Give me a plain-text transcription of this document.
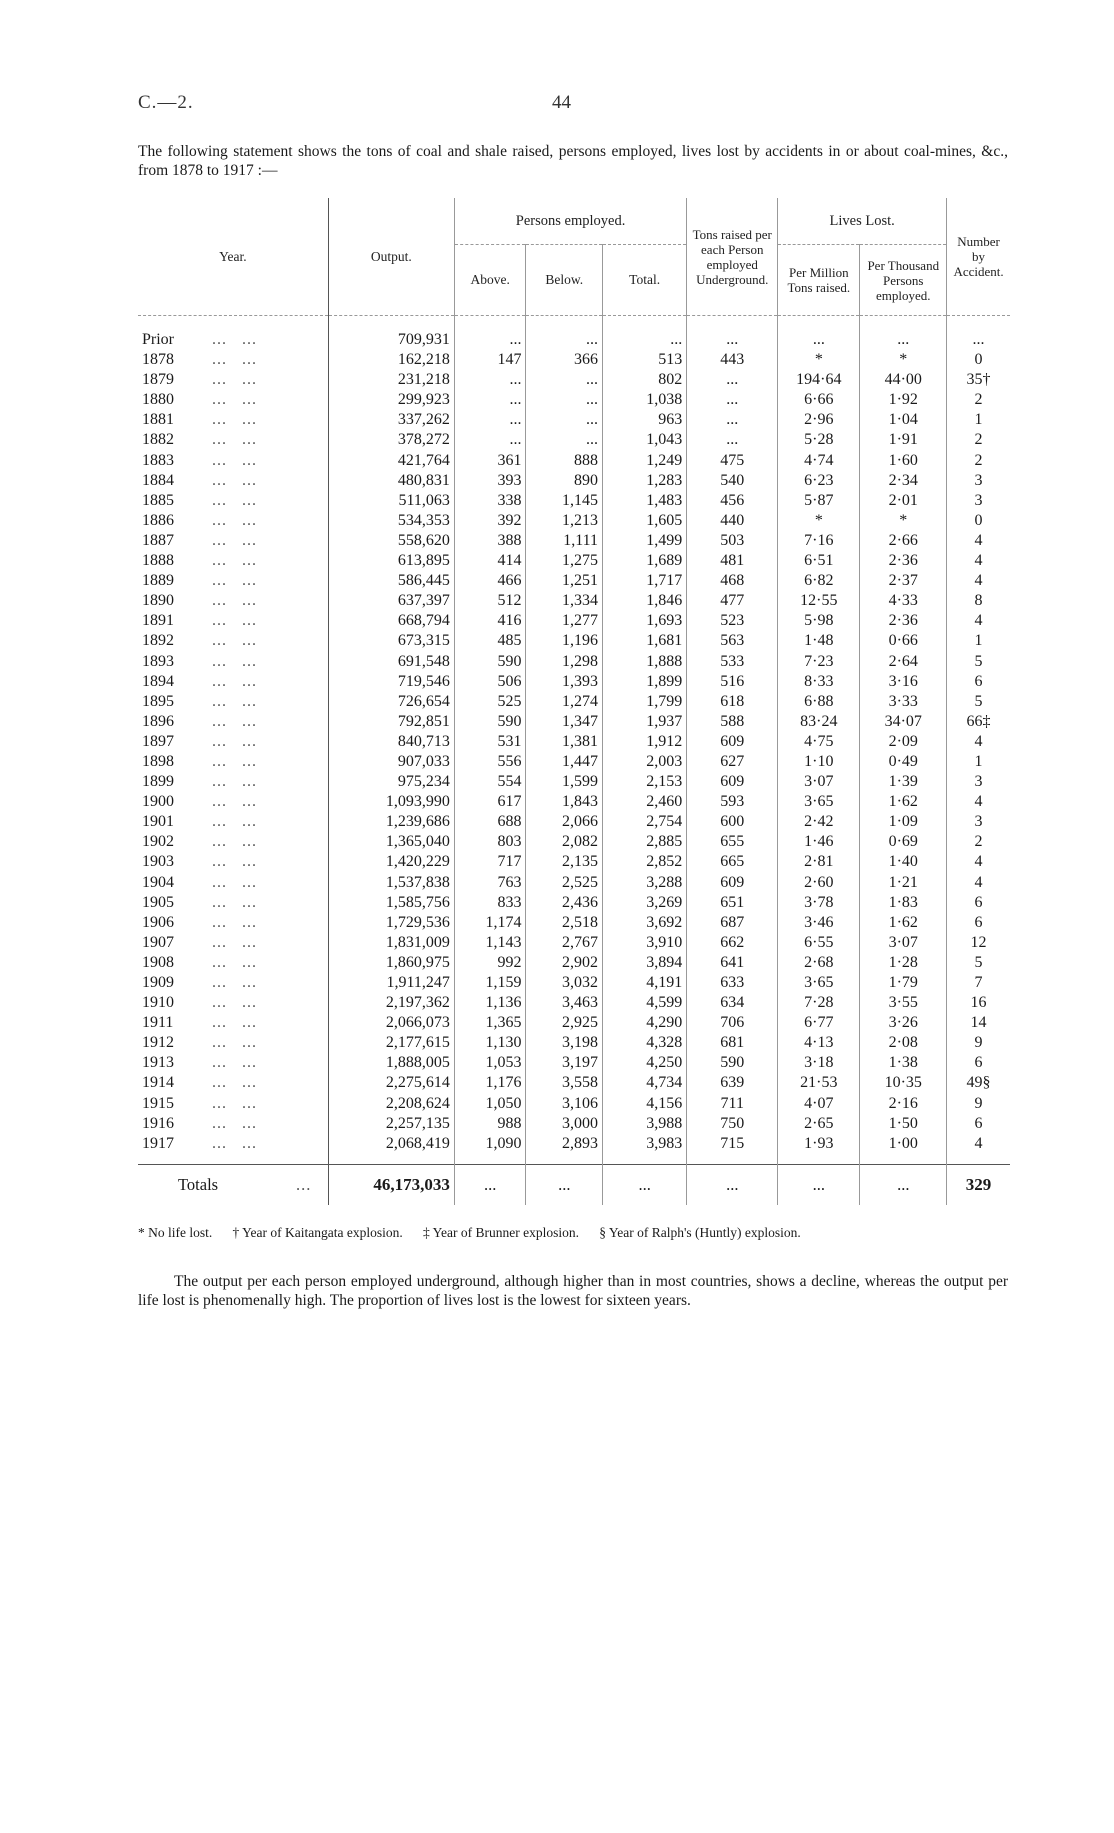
C.—2.	44
The following statement shows the tons of coal and shale raised, persons employed, lives lost by accidents in or about coal-mines, &c., from 1878 to 1917 :—
Year.	Output.	Persons employed.			Tons raised per each Person employed Underground.	Lives Lost.		Number by Accident.
		Above.	Below.	Total.		Per Million Tons raised.	Per Thousand Persons employed.	

Prior ...   ...	709,931	...	...	...	...	...	...	...
1878 ...   ...	162,218	147	366	513	443	*	*	0
1879 ...   ...	231,218	...	...	802	...	194·64	44·00	35†
1880 ...   ...	299,923	...	...	1,038	...	6·66	1·92	2
1881 ...   ...	337,262	...	...	963	...	2·96	1·04	1
1882 ...   ...	378,272	...	...	1,043	...	5·28	1·91	2
1883 ...   ...	421,764	361	888	1,249	475	4·74	1·60	2
1884 ...   ...	480,831	393	890	1,283	540	6·23	2·34	3
1885 ...   ...	511,063	338	1,145	1,483	456	5·87	2·01	3
1886 ...   ...	534,353	392	1,213	1,605	440	*	*	0
1887 ...   ...	558,620	388	1,111	1,499	503	7·16	2·66	4
1888 ...   ...	613,895	414	1,275	1,689	481	6·51	2·36	4
1889 ...   ...	586,445	466	1,251	1,717	468	6·82	2·37	4
1890 ...   ...	637,397	512	1,334	1,846	477	12·55	4·33	8
1891 ...   ...	668,794	416	1,277	1,693	523	5·98	2·36	4
1892 ...   ...	673,315	485	1,196	1,681	563	1·48	0·66	1
1893 ...   ...	691,548	590	1,298	1,888	533	7·23	2·64	5
1894 ...   ...	719,546	506	1,393	1,899	516	8·33	3·16	6
1895 ...   ...	726,654	525	1,274	1,799	618	6·88	3·33	5
1896 ...   ...	792,851	590	1,347	1,937	588	83·24	34·07	66‡
1897 ...   ...	840,713	531	1,381	1,912	609	4·75	2·09	4
1898 ...   ...	907,033	556	1,447	2,003	627	1·10	0·49	1
1899 ...   ...	975,234	554	1,599	2,153	609	3·07	1·39	3
1900 ...   ...	1,093,990	617	1,843	2,460	593	3·65	1·62	4
1901 ...   ...	1,239,686	688	2,066	2,754	600	2·42	1·09	3
1902 ...   ...	1,365,040	803	2,082	2,885	655	1·46	0·69	2
1903 ...   ...	1,420,229	717	2,135	2,852	665	2·81	1·40	4
1904 ...   ...	1,537,838	763	2,525	3,288	609	2·60	1·21	4
1905 ...   ...	1,585,756	833	2,436	3,269	651	3·78	1·83	6
1906 ...   ...	1,729,536	1,174	2,518	3,692	687	3·46	1·62	6
1907 ...   ...	1,831,009	1,143	2,767	3,910	662	6·55	3·07	12
1908 ...   ...	1,860,975	992	2,902	3,894	641	2·68	1·28	5
1909 ...   ...	1,911,247	1,159	3,032	4,191	633	3·65	1·79	7
1910 ...   ...	2,197,362	1,136	3,463	4,599	634	7·28	3·55	16
1911 ...   ...	2,066,073	1,365	2,925	4,290	706	6·77	3·26	14
1912 ...   ...	2,177,615	1,130	3,198	4,328	681	4·13	2·08	9
1913 ...   ...	1,888,005	1,053	3,197	4,250	590	3·18	1·38	6
1914 ...   ...	2,275,614	1,176	3,558	4,734	639	21·53	10·35	49§
1915 ...   ...	2,208,624	1,050	3,106	4,156	711	4·07	2·16	9
1916 ...   ...	2,257,135	988	3,000	3,988	750	2·65	1·50	6
1917 ...   ...	2,068,419	1,090	2,893	3,983	715	1·93	1·00	4

Totals ...	46,173,033	...	...	...	...	...	...	329
* No life lost. † Year of Kaitangata explosion. ‡ Year of Brunner explosion. § Year of Ralph's (Huntly) explosion.

The output per each person employed underground, although higher than in most countries, shows a decline, whereas the output per life lost is phenomenally high. The proportion of lives lost is the lowest for sixteen years.
